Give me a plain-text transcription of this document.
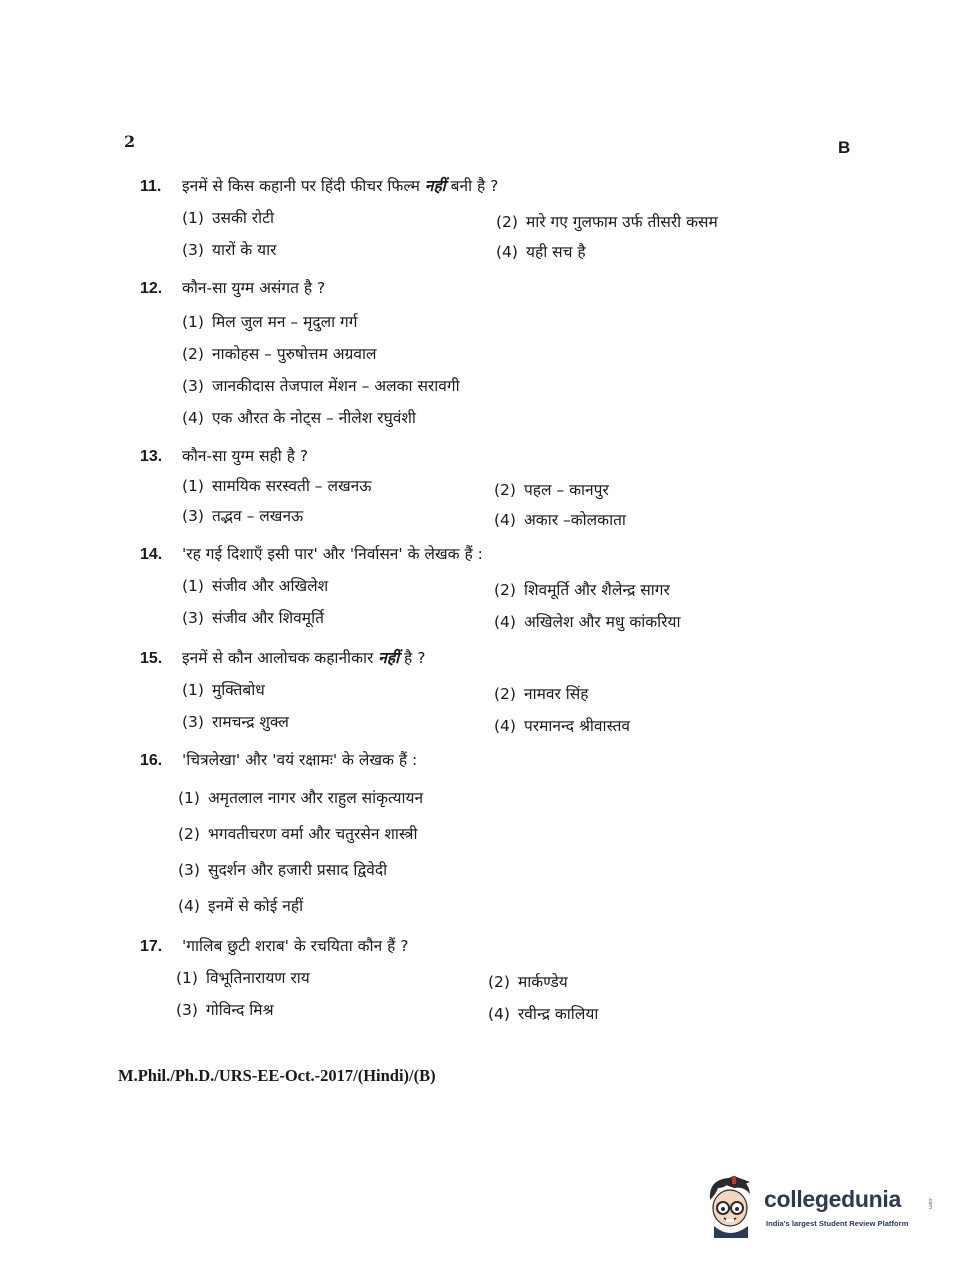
2	B
11.	इनमें से किस कहानी पर हिंदी फीचर फिल्म नहीं बनी है ?
(1) उसकी रोटी	(2) मारे गए गुलफाम उर्फ तीसरी कसम
(3) यारों के यार	(4) यही सच है
12.	कौन-सा युग्म असंगत है ?
(1) मिल जुल मन – मृदुला गर्ग
(2) नाकोहस – पुरुषोत्तम अग्रवाल
(3) जानकीदास तेजपाल मेंशन – अलका सरावगी
(4) एक औरत के नोट्स – नीलेश रघुवंशी
13.	कौन-सा युग्म सही है ?
(1) सामयिक सरस्वती – लखनऊ	(2) पहल – कानपुर
(3) तद्भव – लखनऊ	(4) अकार –कोलकाता
14.	'रह गई दिशाएँ इसी पार' और 'निर्वासन' के लेखक हैं :
(1) संजीव और अखिलेश	(2) शिवमूर्ति और शैलेन्द्र सागर
(3) संजीव और शिवमूर्ति	(4) अखिलेश और मधु कांकरिया
15.	इनमें से कौन आलोचक कहानीकार नहीं है ?
(1) मुक्तिबोध	(2) नामवर सिंह
(3) रामचन्द्र शुक्ल	(4) परमानन्द श्रीवास्तव
16.	'चित्रलेखा' और 'वयं रक्षामः' के लेखक हैं :
(1) अमृतलाल नागर और राहुल सांकृत्यायन
(2) भगवतीचरण वर्मा और चतुरसेन शास्त्री
(3) सुदर्शन और हजारी प्रसाद द्विवेदी
(4) इनमें से कोई नहीं
17.	'गालिब छुटी शराब' के रचयिता कौन हैं ?
(1) विभूतिनारायण राय	(2) मार्कण्डेय
(3) गोविन्द मिश्र	(4) रवीन्द्र कालिया
M.Phil./Ph.D./URS-EE-Oct.-2017/(Hindi)/(B)
collegedunia	.com
India's largest Student Review Platform
